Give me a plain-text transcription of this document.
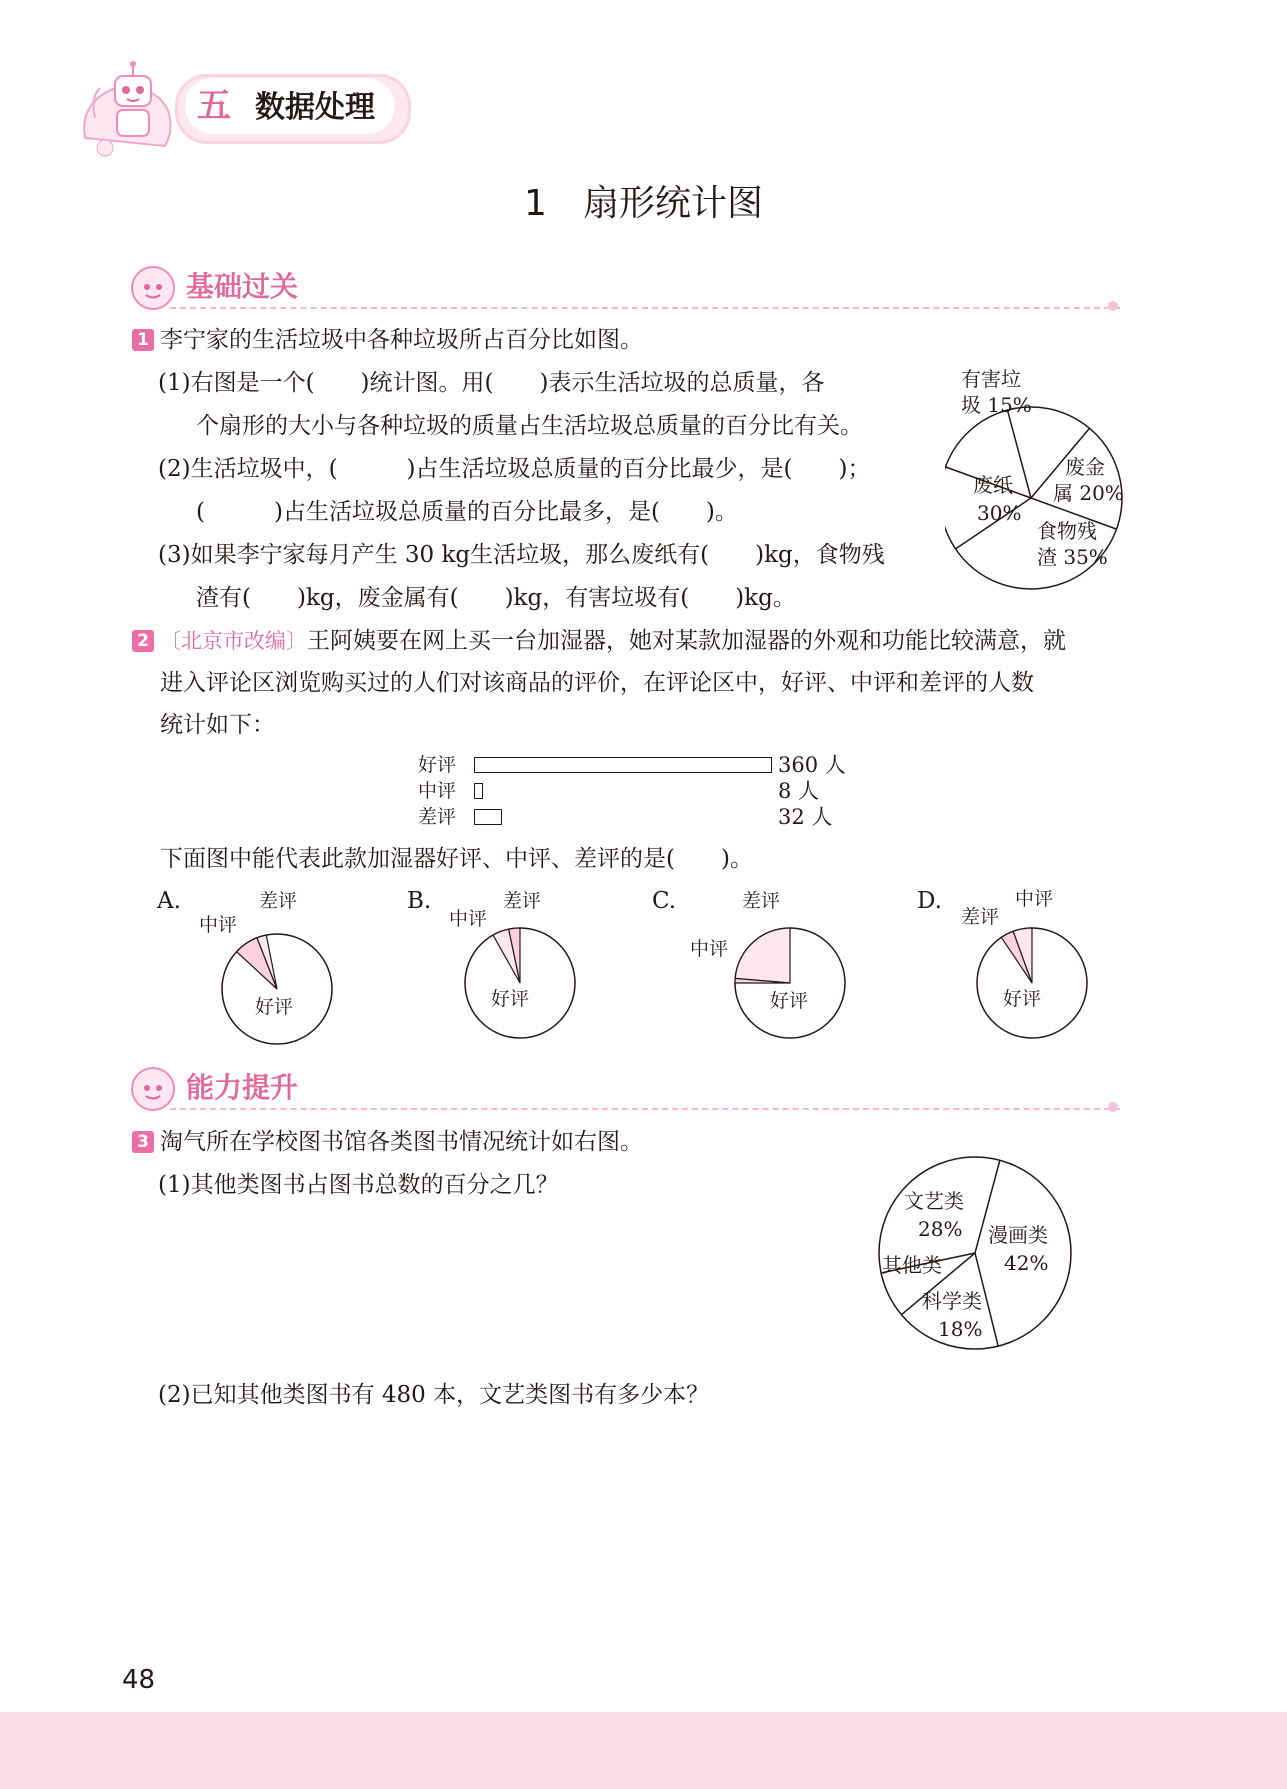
五 数据处理
1　扇形统计图
基础过关
1 李宁家的生活垃圾中各种垃圾所占百分比如图。
(1)右图是一个(　　)统计图。用(　　)表示生活垃圾的总质量，各
个扇形的大小与各种垃圾的质量占生活垃圾总质量的百分比有关。
(2)生活垃圾中，(　　　)占生活垃圾总质量的百分比最少，是(　　)；
(　　　)占生活垃圾总质量的百分比最多，是(　　)。
(3)如果李宁家每月产生 30 kg生活垃圾，那么废纸有(　　)kg，食物残
渣有(　　)kg，废金属有(　　)kg，有害垃圾有(　　)kg。
有害垃
圾 15%
废金
属 20%
废纸
30%
食物残
渣 35%
2 〔北京市改编〕王阿姨要在网上买一台加湿器，她对某款加湿器的外观和功能比较满意，就
进入评论区浏览购买过的人们对该商品的评价，在评论区中，好评、中评和差评的人数
统计如下：
好评	360 人
中评	8 人
差评	32 人
下面图中能代表此款加湿器好评、中评、差评的是(　　)。
A.
中评
差评
好评
B.
中评
差评
好评
C.
中评
差评
好评
D.
差评
中评
好评
能力提升
3 淘气所在学校图书馆各类图书情况统计如右图。
(1)其他类图书占图书总数的百分之几？
文艺类
28% 漫画类
42%
其他类
科学类
18%
(2)已知其他类图书有 480 本，文艺类图书有多少本？
48
